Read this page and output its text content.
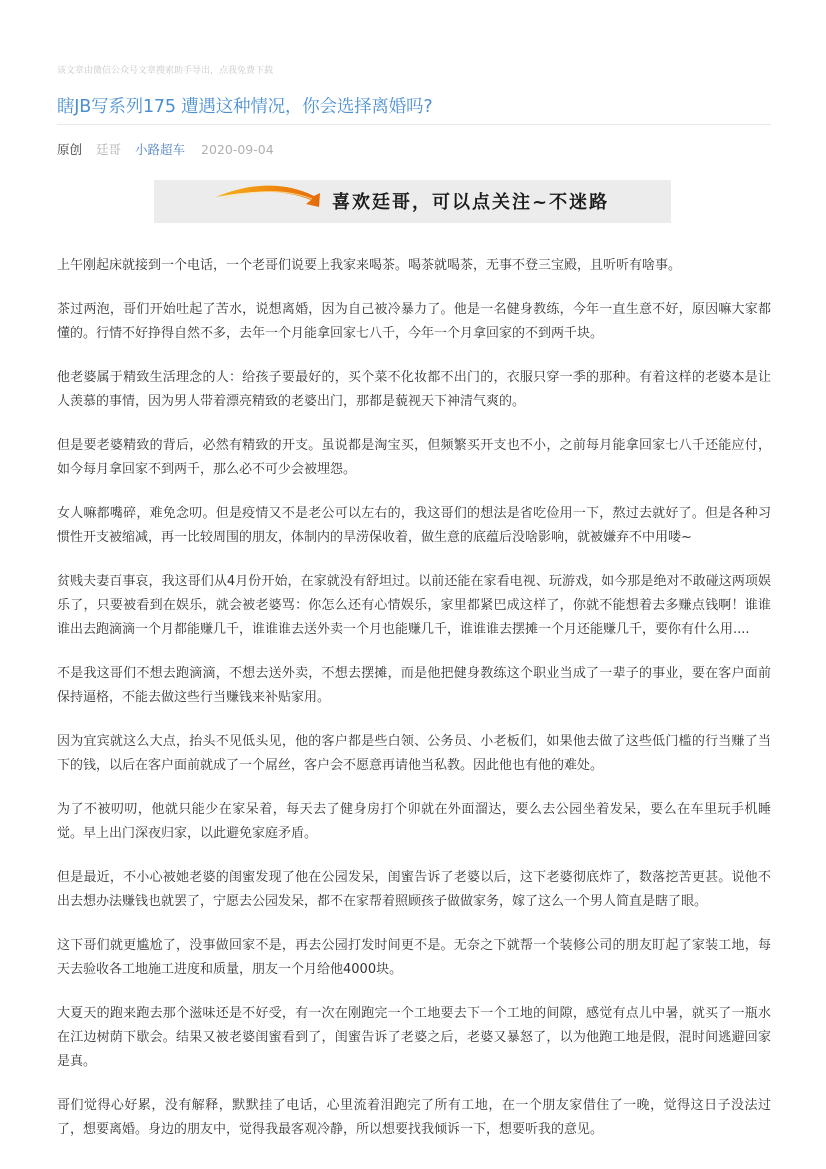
该文章由微信公众号文章搜索助手导出，点我免费下载
瞎JB写系列175 遭遇这种情况，你会选择离婚吗?
原创 廷哥 小路超车 2020-09-04
喜欢廷哥，可以点关注~不迷路

上午刚起床就接到一个电话，一个老哥们说要上我家来喝茶。喝茶就喝茶，无事不登三宝殿，且听听有啥事。

茶过两泡，哥们开始吐起了苦水，说想离婚，因为自己被冷暴力了。他是一名健身教练，今年一直生意不好，原因嘛大家都懂的。行情不好挣得自然不多，去年一个月能拿回家七八千，今年一个月拿回家的不到两千块。

他老婆属于精致生活理念的人：给孩子要最好的，买个菜不化妆都不出门的，衣服只穿一季的那种。有着这样的老婆本是让人羡慕的事情，因为男人带着漂亮精致的老婆出门，那都是藐视天下神清气爽的。

但是要老婆精致的背后，必然有精致的开支。虽说都是淘宝买，但频繁买开支也不小，之前每月能拿回家七八千还能应付，如今每月拿回家不到两千，那么必不可少会被埋怨。

女人嘛都嘴碎，难免念叨。但是疫情又不是老公可以左右的，我这哥们的想法是省吃俭用一下，熬过去就好了。但是各种习惯性开支被缩减，再一比较周围的朋友，体制内的旱涝保收着，做生意的底蕴后没啥影响，就被嫌弃不中用喽~

贫贱夫妻百事哀，我这哥们从4月份开始，在家就没有舒坦过。以前还能在家看电视、玩游戏，如今那是绝对不敢碰这两项娱乐了，只要被看到在娱乐，就会被老婆骂：你怎么还有心情娱乐，家里都紧巴成这样了，你就不能想着去多赚点钱啊！谁谁谁出去跑滴滴一个月都能赚几千，谁谁谁去送外卖一个月也能赚几千，谁谁谁去摆摊一个月还能赚几千，要你有什么用....

不是我这哥们不想去跑滴滴，不想去送外卖，不想去摆摊，而是他把健身教练这个职业当成了一辈子的事业，要在客户面前保持逼格，不能去做这些行当赚钱来补贴家用。

因为宜宾就这么大点，抬头不见低头见，他的客户都是些白领、公务员、小老板们，如果他去做了这些低门槛的行当赚了当下的钱，以后在客户面前就成了一个屌丝，客户会不愿意再请他当私教。因此他也有他的难处。

为了不被叨叨，他就只能少在家呆着，每天去了健身房打个卯就在外面溜达，要么去公园坐着发呆，要么在车里玩手机睡觉。早上出门深夜归家，以此避免家庭矛盾。

但是最近，不小心被她老婆的闺蜜发现了他在公园发呆，闺蜜告诉了老婆以后，这下老婆彻底炸了，数落挖苦更甚。说他不出去想办法赚钱也就罢了，宁愿去公园发呆，都不在家帮着照顾孩子做做家务，嫁了这么一个男人简直是瞎了眼。

这下哥们就更尴尬了，没事做回家不是，再去公园打发时间更不是。无奈之下就帮一个装修公司的朋友盯起了家装工地，每天去验收各工地施工进度和质量，朋友一个月给他4000块。

大夏天的跑来跑去那个滋味还是不好受，有一次在刚跑完一个工地要去下一个工地的间隙，感觉有点儿中暑，就买了一瓶水在江边树荫下歇会。结果又被老婆闺蜜看到了，闺蜜告诉了老婆之后，老婆又暴怒了，以为他跑工地是假，混时间逃避回家是真。

哥们觉得心好累，没有解释，默默挂了电话，心里流着泪跑完了所有工地，在一个朋友家借住了一晚，觉得这日子没法过了，想要离婚。身边的朋友中，觉得我最客观冷静，所以想要找我倾诉一下，想要听我的意见。
